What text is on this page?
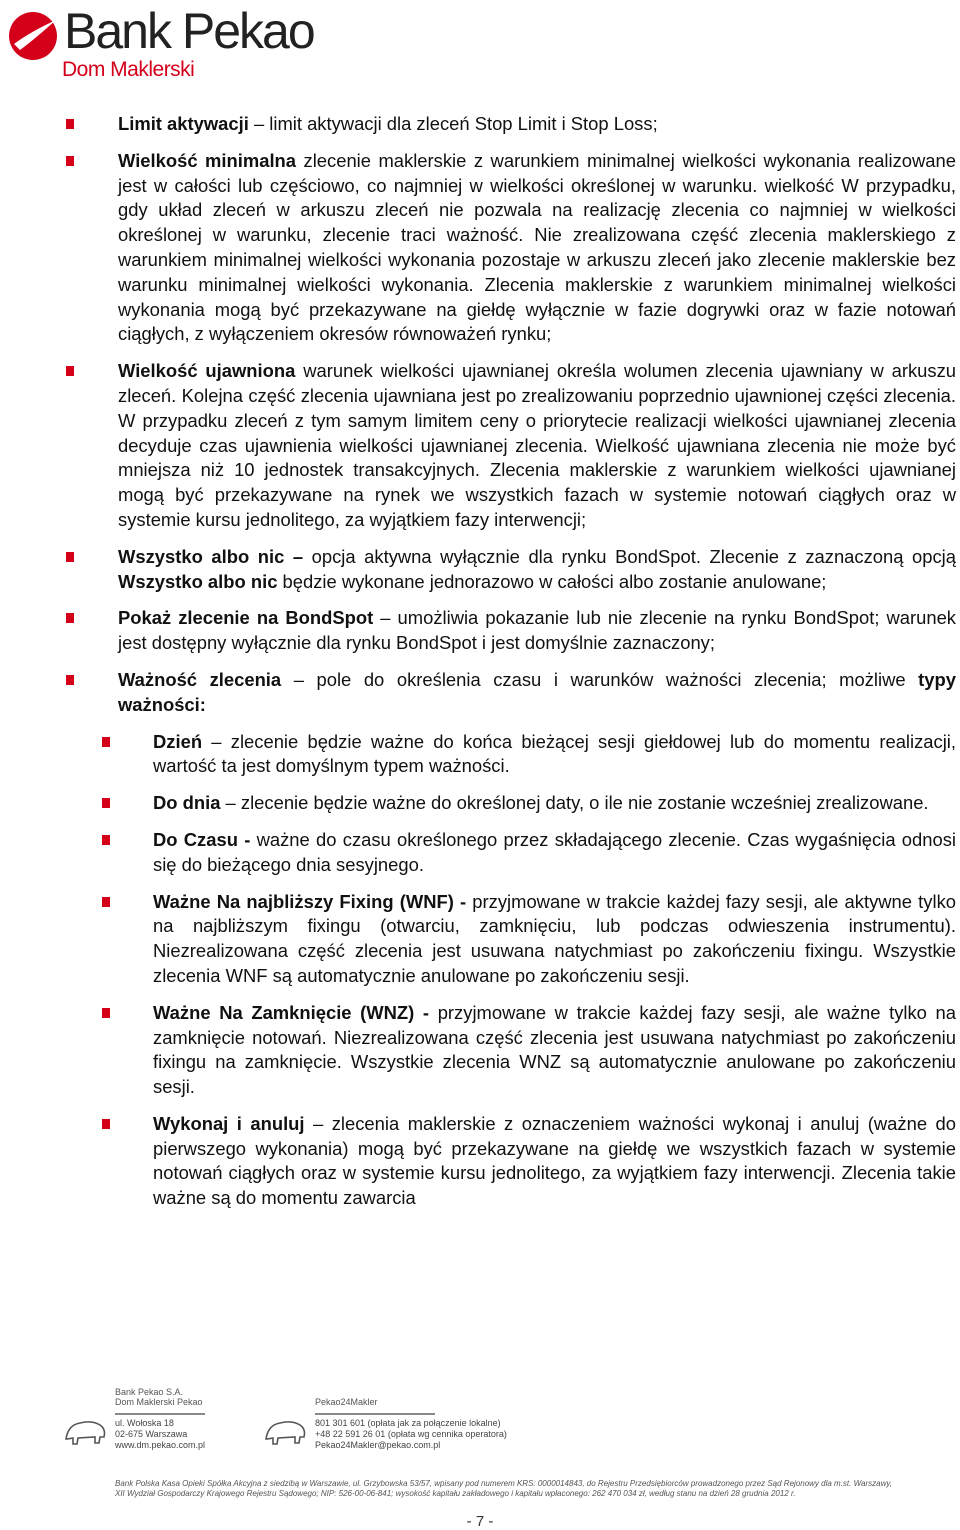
Bank Pekao
Dom Maklerski
Limit aktywacji – limit aktywacji dla zleceń Stop Limit i Stop Loss;
Wielkość minimalna zlecenie maklerskie z warunkiem minimalnej wielkości wykonania realizowane jest w całości lub częściowo, co najmniej w wielkości określonej w warunku. wielkość W przypadku, gdy układ zleceń w arkuszu zleceń nie pozwala na realizację zlecenia co najmniej w wielkości określonej w warunku, zlecenie traci ważność. Nie zrealizowana część zlecenia maklerskiego z warunkiem minimalnej wielkości wykonania pozostaje w arkuszu zleceń jako zlecenie maklerskie bez warunku minimalnej wielkości wykonania. Zlecenia maklerskie z warunkiem minimalnej wielkości wykonania mogą być przekazywane na giełdę wyłącznie w fazie dogrywki oraz w fazie notowań ciągłych, z wyłączeniem okresów równoważeń rynku;
Wielkość ujawniona warunek wielkości ujawnianej określa wolumen zlecenia ujawniany w arkuszu zleceń. Kolejna część zlecenia ujawniana jest po zrealizowaniu poprzednio ujawnionej części zlecenia. W przypadku zleceń z tym samym limitem ceny o priorytecie realizacji wielkości ujawnianej zlecenia decyduje czas ujawnienia wielkości ujawnianej zlecenia. Wielkość ujawniana zlecenia nie może być mniejsza niż 10 jednostek transakcyjnych. Zlecenia maklerskie z warunkiem wielkości ujawnianej mogą być przekazywane na rynek we wszystkich fazach w systemie notowań ciągłych oraz w systemie kursu jednolitego, za wyjątkiem fazy interwencji;
Wszystko albo nic – opcja aktywna wyłącznie dla rynku BondSpot. Zlecenie z zaznaczoną opcją Wszystko albo nic będzie wykonane jednorazowo w całości albo zostanie anulowane;
Pokaż zlecenie na BondSpot – umożliwia pokazanie lub nie zlecenie na rynku BondSpot; warunek jest dostępny wyłącznie dla rynku BondSpot i jest domyślnie zaznaczony;
Ważność zlecenia – pole do określenia czasu i warunków ważności zlecenia; możliwe typy ważności:
Dzień – zlecenie będzie ważne do końca bieżącej sesji giełdowej lub do momentu realizacji, wartość ta jest domyślnym typem ważności.
Do dnia – zlecenie będzie ważne do określonej daty, o ile nie zostanie wcześniej zrealizowane.
Do Czasu - ważne do czasu określonego przez składającego zlecenie. Czas wygaśnięcia odnosi się do bieżącego dnia sesyjnego.
Ważne Na najbliższy Fixing (WNF) - przyjmowane w trakcie każdej fazy sesji, ale aktywne tylko na najbliższym fixingu (otwarciu, zamknięciu, lub podczas odwieszenia instrumentu). Niezrealizowana część zlecenia jest usuwana natychmiast po zakończeniu fixingu. Wszystkie zlecenia WNF są automatycznie anulowane po zakończeniu sesji.
Ważne Na Zamknięcie (WNZ) - przyjmowane w trakcie każdej fazy sesji, ale ważne tylko na zamknięcie notowań. Niezrealizowana część zlecenia jest usuwana natychmiast po zakończeniu fixingu na zamknięcie. Wszystkie zlecenia WNZ są automatycznie anulowane po zakończeniu sesji.
Wykonaj i anuluj – zlecenia maklerskie z oznaczeniem ważności wykonaj i anuluj (ważne do pierwszego wykonania) mogą być przekazywane na giełdę we wszystkich fazach w systemie notowań ciągłych oraz w systemie kursu jednolitego, za wyjątkiem fazy interwencji. Zlecenia takie ważne są do momentu zawarcia
Bank Pekao S.A.
Dom Maklerski Pekao	Pekao24Makler
ul. Wołoska 18
02-675 Warszawa
www.dm.pekao.com.pl
801 301 601 (opłata jak za połączenie lokalne)
+48 22 591 26 01 (opłata wg cennika operatora)
Pekao24Makler@pekao.com.pl
Bank Polska Kasa Opieki Spółka Akcyjna z siedzibą w Warszawie, ul. Grzybowska 53/57, wpisany pod numerem KRS: 0000014843, do Rejestru Przedsiębiorców prowadzonego przez Sąd Rejonowy dla m.st. Warszawy,
XII Wydział Gospodarczy Krajowego Rejestru Sądowego; NIP: 526-00-06-841; wysokość kapitału zakładowego i kapitału wpłaconego: 262 470 034 zł, według stanu na dzień 28 grudnia 2012 r.
- 7 -
